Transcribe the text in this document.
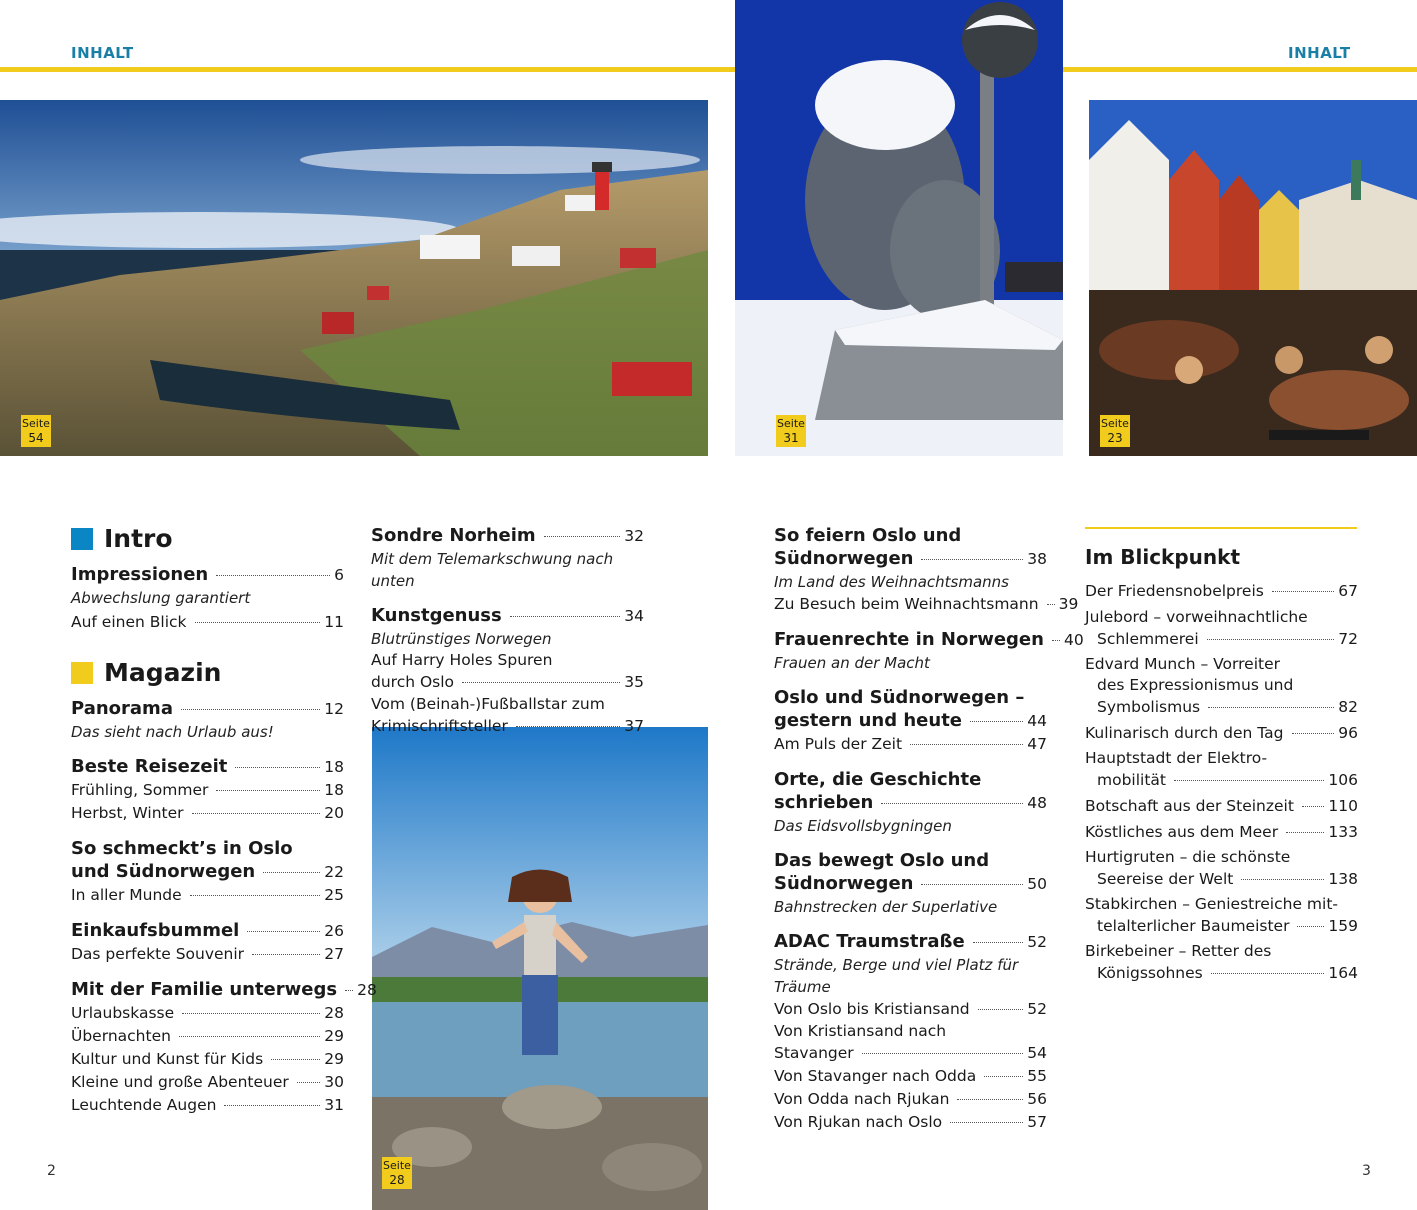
INHALT	INHALT
Seite
54
Seite
31
Seite
23
Seite
28
Intro
Impressionen	6
Abwechslung garantiert
Auf einen Blick	11
Magazin
Panorama	12
Das sieht nach Urlaub aus!
Beste Reisezeit	18
Frühling, Sommer	18
Herbst, Winter	20
So schmeckt’s in Oslo
und Südnorwegen	22
In aller Munde	25
Einkaufsbummel	26
Das perfekte Souvenir	27
Mit der Familie unterwegs 28
Urlaubskasse	28
Übernachten	29
Kultur und Kunst für Kids	29
Kleine und große Abenteuer 30
Leuchtende Augen	31
Sondre Norheim	32
Mit dem Telemarkschwung nach unten
Kunstgenuss	34
Blutrünstiges Norwegen
Auf Harry Holes Spuren
durch Oslo	35
Vom (Beinah-)Fußballstar zum
Krimischriftsteller	37
So feiern Oslo und
Südnorwegen	38
Im Land des Weihnachtsmanns
Zu Besuch beim Weihnachtsmann 39
Frauenrechte in Norwegen 40
Frauen an der Macht
Oslo und Südnorwegen –
gestern und heute	44
Am Puls der Zeit	47
Orte, die Geschichte
schrieben	48
Das Eidsvollsbygningen
Das bewegt Oslo und
Südnorwegen	50
Bahnstrecken der Superlative
ADAC Traumstraße	52
Strände, Berge und viel Platz für Träume
Von Oslo bis Kristiansand	52
Von Kristiansand nach
Stavanger	54
Von Stavanger nach Odda	55
Von Odda nach Rjukan	56
Von Rjukan nach Oslo	57
Im Blickpunkt
Der Friedensnobelpreis	67
Julebord – vorweihnachtliche
Schlemmerei	72
Edvard Munch – Vorreiter
des Expressionismus und
Symbolismus	82
Kulinarisch durch den Tag	96
Hauptstadt der Elektro-
mobilität	106
Botschaft aus der Steinzeit 110
Köstliches aus dem Meer	133
Hurtigruten – die schönste
Seereise der Welt	138
Stabkirchen – Geniestreiche mit-
telalterlicher Baumeister	159
Birkebeiner – Retter des
Königssohnes	164
2	3
